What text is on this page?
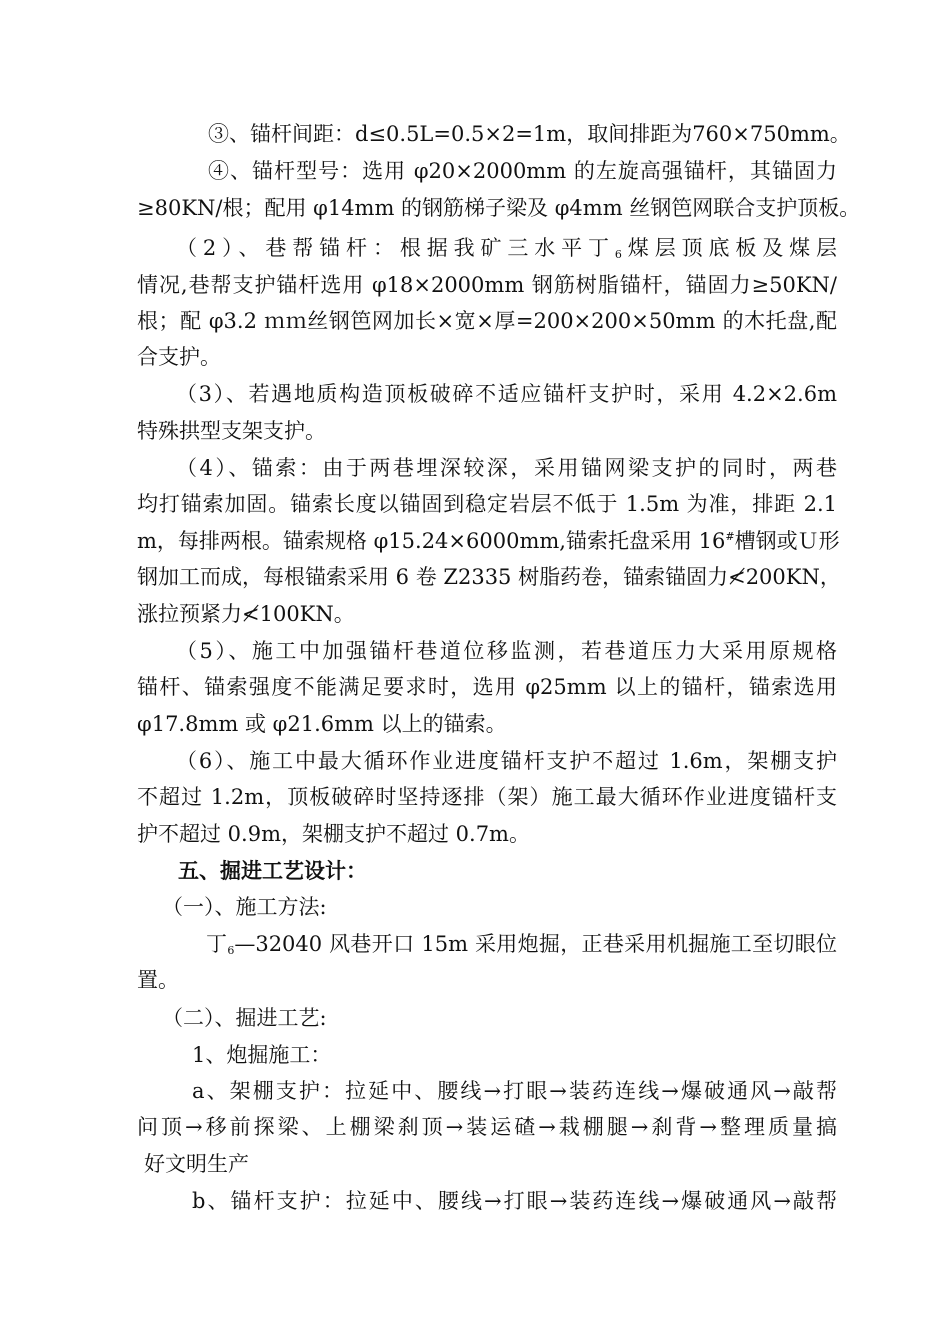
③、锚杆间距：d≤0.5L=0.5×2=1m，取间排距为760×750mm。
④、锚杆型号：选用 φ20×2000mm 的左旋高强锚杆，其锚固力
≥80KN/根；配用 φ14mm 的钢筋梯子梁及 φ4mm 丝钢笆网联合支护顶板。
（2）、巷帮锚杆：根据我矿三水平丁$_6$煤层顶底板及煤层
情况,巷帮支护锚杆选用 φ18×2000mm 钢筋树脂锚杆，锚固力≥50KN/
根；配 φ3.2 ｍｍ丝钢笆网加长×宽×厚=200×200×50mm 的木托盘,配
合支护。
（3）、若遇地质构造顶板破碎不适应锚杆支护时，采用 4.2×2.6m
特殊拱型支架支护。
（4）、锚索：由于两巷埋深较深，采用锚网梁支护的同时，两巷
均打锚索加固。锚索长度以锚固到稳定岩层不低于 1.5m 为准，排距 2.1
m，每排两根。锚索规格 φ15.24×6000mm,锚索托盘采用 16#槽钢或Ｕ形
钢加工而成，每根锚索采用 6 卷 Z2335 树脂药卷，锚索锚固力≮200KN，
涨拉预紧力≮100KN。
（5）、施工中加强锚杆巷道位移监测，若巷道压力大采用原规格
锚杆、锚索强度不能满足要求时，选用 φ25mm 以上的锚杆，锚索选用
φ17.8mm 或 φ21.6mm 以上的锚索。
（6）、施工中最大循环作业进度锚杆支护不超过 1.6m，架棚支护
不超过 1.2m，顶板破碎时坚持逐排（架）施工最大循环作业进度锚杆支
护不超过 0.9m，架棚支护不超过 0.7m。
五、掘进工艺设计：
（一）、施工方法:
丁$_6$—32040 风巷开口 15m 采用炮掘，正巷采用机掘施工至切眼位
置。
（二）、掘进工艺:
1、炮掘施工：
a、架棚支护：拉延中、腰线→打眼→装药连线→爆破通风→敲帮
问顶→移前探梁、上棚梁刹顶→装运碴→栽棚腿→刹背→整理质量搞
好文明生产
b、锚杆支护：拉延中、腰线→打眼→装药连线→爆破通风→敲帮
